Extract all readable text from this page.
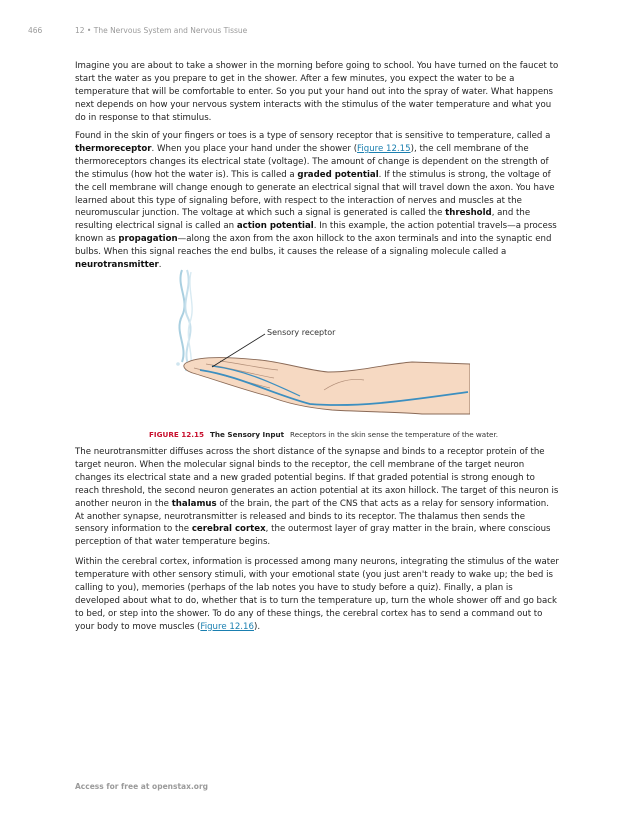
466	12 • The Nervous System and Nervous Tissue

Imagine you are about to take a shower in the morning before going to school. You have turned on the faucet to start the water as you prepare to get in the shower. After a few minutes, you expect the water to be a temperature that will be comfortable to enter. So you put your hand out into the spray of water. What happens next depends on how your nervous system interacts with the stimulus of the water temperature and what you do in response to that stimulus.

Found in the skin of your fingers or toes is a type of sensory receptor that is sensitive to temperature, called a thermoreceptor. When you place your hand under the shower (Figure 12.15), the cell membrane of the thermoreceptors changes its electrical state (voltage). The amount of change is dependent on the strength of the stimulus (how hot the water is). This is called a graded potential. If the stimulus is strong, the voltage of the cell membrane will change enough to generate an electrical signal that will travel down the axon. You have learned about this type of signaling before, with respect to the interaction of nerves and muscles at the neuromuscular junction. The voltage at which such a signal is generated is called the threshold, and the resulting electrical signal is called an action potential. In this example, the action potential travels—a process known as propagation—along the axon from the axon hillock to the axon terminals and into the synaptic end bulbs. When this signal reaches the end bulbs, it causes the release of a signaling molecule called a neurotransmitter.

Sensory receptor
FIGURE 12.15 The Sensory Input Receptors in the skin sense the temperature of the water.

The neurotransmitter diffuses across the short distance of the synapse and binds to a receptor protein of the target neuron. When the molecular signal binds to the receptor, the cell membrane of the target neuron changes its electrical state and a new graded potential begins. If that graded potential is strong enough to reach threshold, the second neuron generates an action potential at its axon hillock. The target of this neuron is another neuron in the thalamus of the brain, the part of the CNS that acts as a relay for sensory information. At another synapse, neurotransmitter is released and binds to its receptor. The thalamus then sends the sensory information to the cerebral cortex, the outermost layer of gray matter in the brain, where conscious perception of that water temperature begins.

Within the cerebral cortex, information is processed among many neurons, integrating the stimulus of the water temperature with other sensory stimuli, with your emotional state (you just aren't ready to wake up; the bed is calling to you), memories (perhaps of the lab notes you have to study before a quiz). Finally, a plan is developed about what to do, whether that is to turn the temperature up, turn the whole shower off and go back to bed, or step into the shower. To do any of these things, the cerebral cortex has to send a command out to your body to move muscles (Figure 12.16).

Access for free at openstax.org
